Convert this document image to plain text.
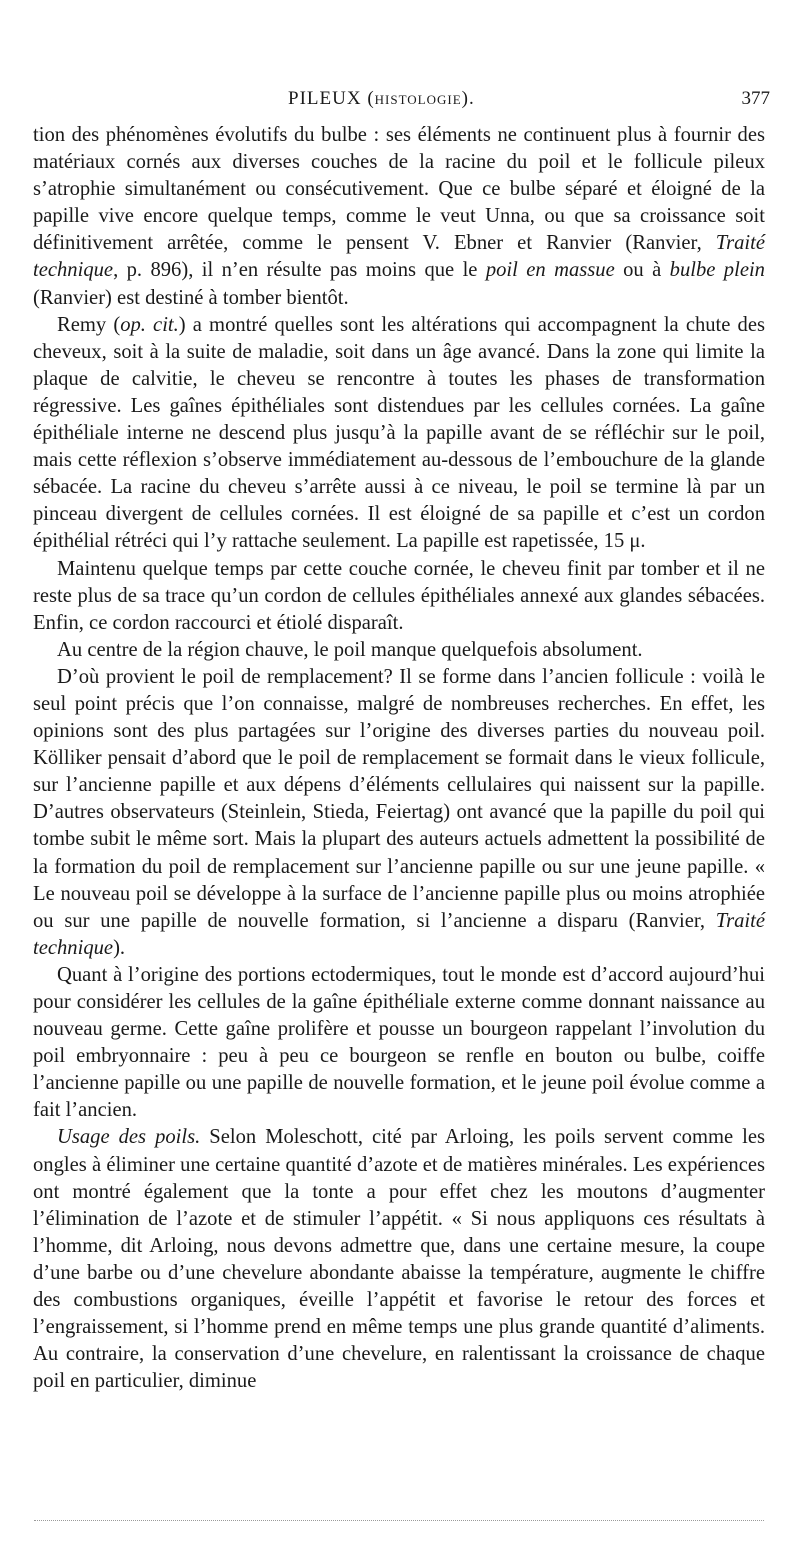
PILEUX (HISTOLOGIE).	377

tion des phénomènes évolutifs du bulbe : ses éléments ne continuent plus à fournir des matériaux cornés aux diverses couches de la racine du poil et le follicule pileux s’atrophie simultanément ou consécutivement. Que ce bulbe séparé et éloigné de la papille vive encore quelque temps, comme le veut Unna, ou que sa croissance soit définitivement arrêtée, comme le pensent V. Ebner et Ranvier (Ranvier, Traité technique, p. 896), il n’en résulte pas moins que le poil en massue ou à bulbe plein (Ranvier) est destiné à tomber bientôt.

Remy (op. cit.) a montré quelles sont les altérations qui accompagnent la chute des cheveux, soit à la suite de maladie, soit dans un âge avancé. Dans la zone qui limite la plaque de calvitie, le cheveu se rencontre à toutes les phases de transformation régressive. Les gaînes épithéliales sont distendues par les cellules cornées. La gaîne épithéliale interne ne descend plus jusqu’à la papille avant de se réfléchir sur le poil, mais cette réflexion s’observe immédiatement au-dessous de l’embouchure de la glande sébacée. La racine du cheveu s’arrête aussi à ce niveau, le poil se termine là par un pinceau divergent de cellules cornées. Il est éloigné de sa papille et c’est un cordon épithélial rétréci qui l’y rattache seulement. La papille est rapetissée, 15 μ.

Maintenu quelque temps par cette couche cornée, le cheveu finit par tomber et il ne reste plus de sa trace qu’un cordon de cellules épithéliales annexé aux glandes sébacées. Enfin, ce cordon raccourci et étiolé disparaît.

Au centre de la région chauve, le poil manque quelquefois absolument.

D’où provient le poil de remplacement? Il se forme dans l’ancien follicule : voilà le seul point précis que l’on connaisse, malgré de nombreuses recherches. En effet, les opinions sont des plus partagées sur l’origine des diverses parties du nouveau poil. Kölliker pensait d’abord que le poil de remplacement se formait dans le vieux follicule, sur l’ancienne papille et aux dépens d’éléments cellulaires qui naissent sur la papille. D’autres observateurs (Steinlein, Stieda, Feiertag) ont avancé que la papille du poil qui tombe subit le même sort. Mais la plupart des auteurs actuels admettent la possibilité de la formation du poil de remplacement sur l’ancienne papille ou sur une jeune papille. « Le nouveau poil se développe à la surface de l’ancienne papille plus ou moins atrophiée ou sur une papille de nouvelle formation, si l’ancienne a disparu (Ranvier, Traité technique).

Quant à l’origine des portions ectodermiques, tout le monde est d’accord aujourd’hui pour considérer les cellules de la gaîne épithéliale externe comme donnant naissance au nouveau germe. Cette gaîne prolifère et pousse un bourgeon rappelant l’involution du poil embryonnaire : peu à peu ce bourgeon se renfle en bouton ou bulbe, coiffe l’ancienne papille ou une papille de nouvelle formation, et le jeune poil évolue comme a fait l’ancien.

Usage des poils. Selon Moleschott, cité par Arloing, les poils servent comme les ongles à éliminer une certaine quantité d’azote et de matières minérales. Les expériences ont montré également que la tonte a pour effet chez les moutons d’augmenter l’élimination de l’azote et de stimuler l’appétit. « Si nous appliquons ces résultats à l’homme, dit Arloing, nous devons admettre que, dans une certaine mesure, la coupe d’une barbe ou d’une chevelure abondante abaisse la température, augmente le chiffre des combustions organiques, éveille l’appétit et favorise le retour des forces et l’engraissement, si l’homme prend en même temps une plus grande quantité d’aliments. Au contraire, la conservation d’une chevelure, en ralentissant la croissance de chaque poil en particulier, diminue
